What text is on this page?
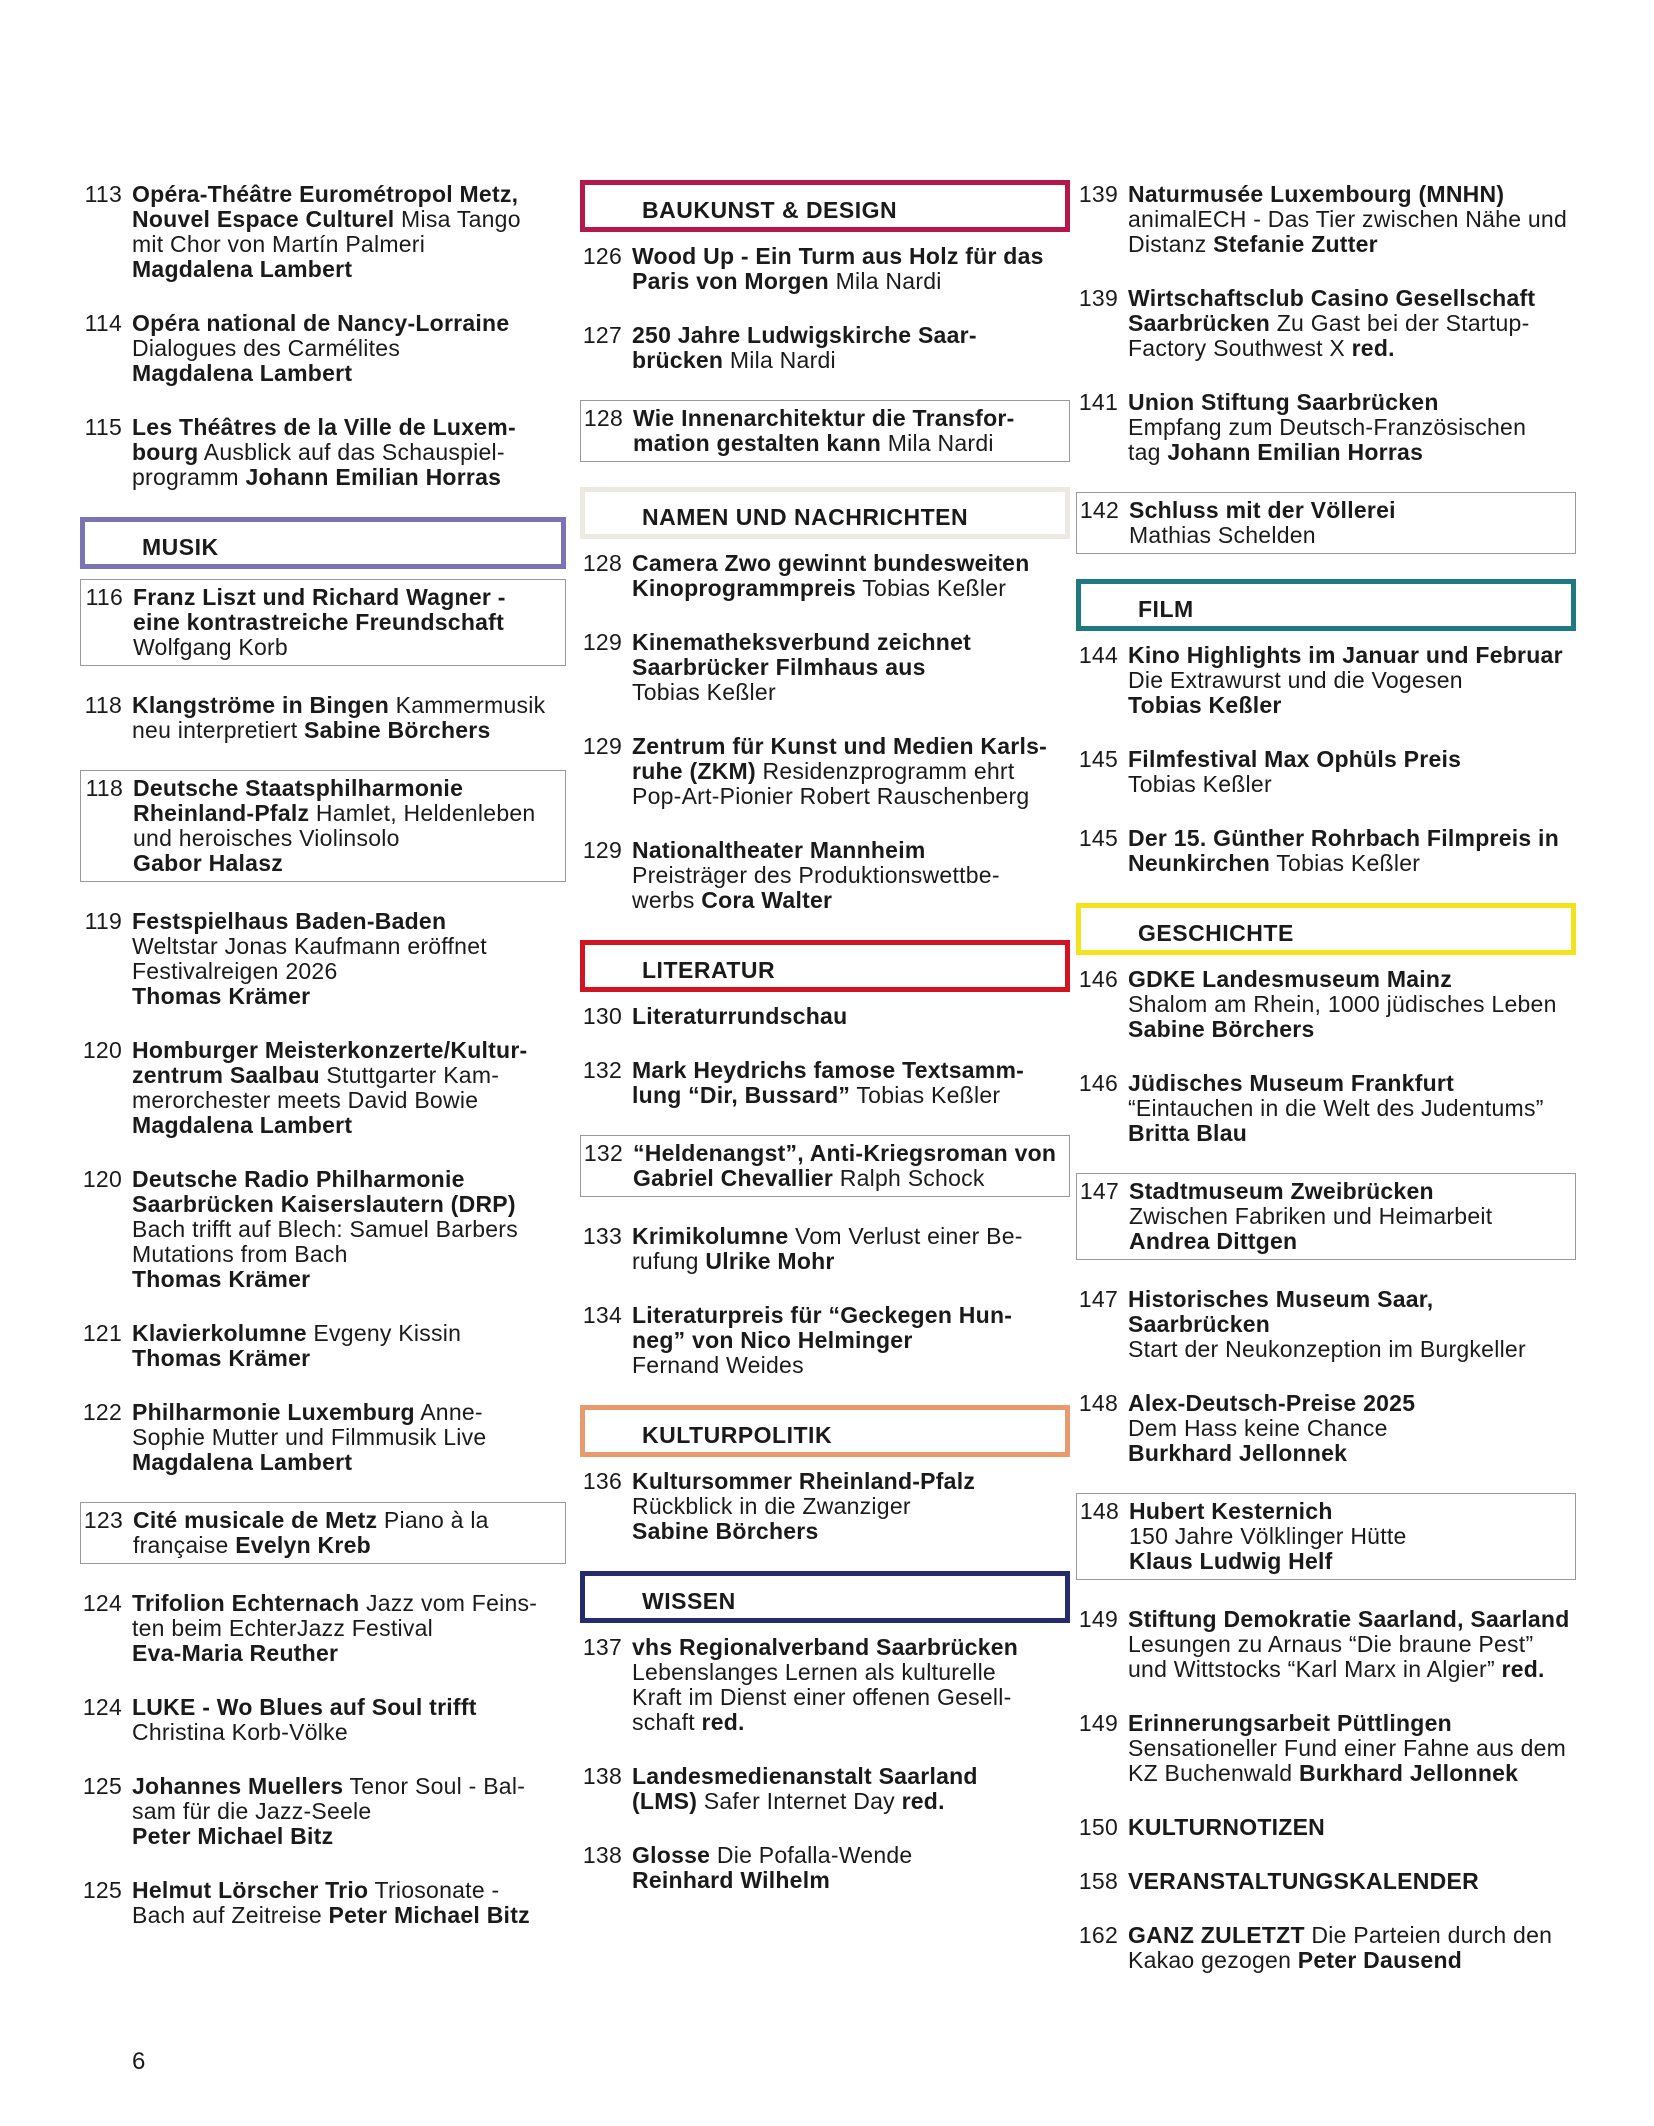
113 Opéra-Théâtre Eurométropol Metz,
Nouvel Espace Culturel Misa Tango
mit Chor von Martín Palmeri
Magdalena Lambert
114 Opéra national de Nancy-Lorraine
Dialogues des Carmélites
Magdalena Lambert
115 Les Théâtres de la Ville de Luxem-
bourg Ausblick auf das Schauspiel-
programm Johann Emilian Horras
MUSIK
116 Franz Liszt und Richard Wagner -
eine kontrastreiche Freundschaft
Wolfgang Korb
118 Klangströme in Bingen Kammermusik
neu interpretiert Sabine Börchers
118 Deutsche Staatsphilharmonie
Rheinland-Pfalz Hamlet, Heldenleben
und heroisches Violinsolo
Gabor Halasz
119 Festspielhaus Baden-Baden
Weltstar Jonas Kaufmann eröffnet
Festivalreigen 2026
Thomas Krämer
120 Homburger Meisterkonzerte/Kultur-
zentrum Saalbau Stuttgarter Kam-
merorchester meets David Bowie
Magdalena Lambert
120 Deutsche Radio Philharmonie
Saarbrücken Kaiserslautern (DRP)
Bach trifft auf Blech: Samuel Barbers
Mutations from Bach
Thomas Krämer
121 Klavierkolumne Evgeny Kissin
Thomas Krämer
122 Philharmonie Luxemburg Anne-
Sophie Mutter und Filmmusik Live
Magdalena Lambert
123 Cité musicale de Metz Piano à la
française Evelyn Kreb
124 Trifolion Echternach Jazz vom Feins-
ten beim EchterJazz Festival
Eva-Maria Reuther
124 LUKE - Wo Blues auf Soul trifft
Christina Korb-Völke
125 Johannes Muellers Tenor Soul - Bal-
sam für die Jazz-Seele
Peter Michael Bitz
125 Helmut Lörscher Trio Triosonate -
Bach auf Zeitreise Peter Michael Bitz
BAUKUNST & DESIGN
126 Wood Up - Ein Turm aus Holz für das
Paris von Morgen Mila Nardi
127 250 Jahre Ludwigskirche Saar-
brücken Mila Nardi
128 Wie Innenarchitektur die Transfor-
mation gestalten kann Mila Nardi
NAMEN UND NACHRICHTEN
128 Camera Zwo gewinnt bundesweiten
Kinoprogrammpreis Tobias Keßler
129 Kinematheksverbund zeichnet
Saarbrücker Filmhaus aus
Tobias Keßler
129 Zentrum für Kunst und Medien Karls-
ruhe (ZKM) Residenzprogramm ehrt
Pop-Art-Pionier Robert Rauschenberg
129 Nationaltheater Mannheim
Preisträger des Produktionswettbe-
werbs Cora Walter
LITERATUR
130 Literaturrundschau
132 Mark Heydrichs famose Textsamm-
lung “Dir, Bussard” Tobias Keßler
132 “Heldenangst”, Anti-Kriegsroman von
Gabriel Chevallier Ralph Schock
133 Krimikolumne Vom Verlust einer Be-
rufung Ulrike Mohr
134 Literaturpreis für “Geckegen Hun-
neg” von Nico Helminger
Fernand Weides
KULTURPOLITIK
136 Kultursommer Rheinland-Pfalz
Rückblick in die Zwanziger
Sabine Börchers
WISSEN
137 vhs Regionalverband Saarbrücken
Lebenslanges Lernen als kulturelle
Kraft im Dienst einer offenen Gesell-
schaft red.
138 Landesmedienanstalt Saarland
(LMS) Safer Internet Day red.
138 Glosse Die Pofalla-Wende
Reinhard Wilhelm
139 Naturmusée Luxembourg (MNHN)
animalECH - Das Tier zwischen Nähe und
Distanz Stefanie Zutter
139 Wirtschaftsclub Casino Gesellschaft
Saarbrücken Zu Gast bei der Startup-
Factory Southwest X red.
141 Union Stiftung Saarbrücken
Empfang zum Deutsch-Französischen
tag Johann Emilian Horras
142 Schluss mit der Völlerei
Mathias Schelden
FILM
144 Kino Highlights im Januar und Februar
Die Extrawurst und die Vogesen
Tobias Keßler
145 Filmfestival Max Ophüls Preis
Tobias Keßler
145 Der 15. Günther Rohrbach Filmpreis in
Neunkirchen Tobias Keßler
GESCHICHTE
146 GDKE Landesmuseum Mainz
Shalom am Rhein, 1000 jüdisches Leben
Sabine Börchers
146 Jüdisches Museum Frankfurt
“Eintauchen in die Welt des Judentums”
Britta Blau
147 Stadtmuseum Zweibrücken
Zwischen Fabriken und Heimarbeit
Andrea Dittgen
147 Historisches Museum Saar, Saarbrücken
Start der Neukonzeption im Burgkeller
148 Alex-Deutsch-Preise 2025
Dem Hass keine Chance
Burkhard Jellonnek
148 Hubert Kesternich
150 Jahre Völklinger Hütte
Klaus Ludwig Helf
149 Stiftung Demokratie Saarland, Saarland
Lesungen zu Arnaus “Die braune Pest”
und Wittstocks “Karl Marx in Algier” red.
149 Erinnerungsarbeit Püttlingen
Sensationeller Fund einer Fahne aus dem
KZ Buchenwald Burkhard Jellonnek
150 KULTURNOTIZEN
158 VERANSTALTUNGSKALENDER
162 GANZ ZULETZT Die Parteien durch den
Kakao gezogen Peter Dausend
6
